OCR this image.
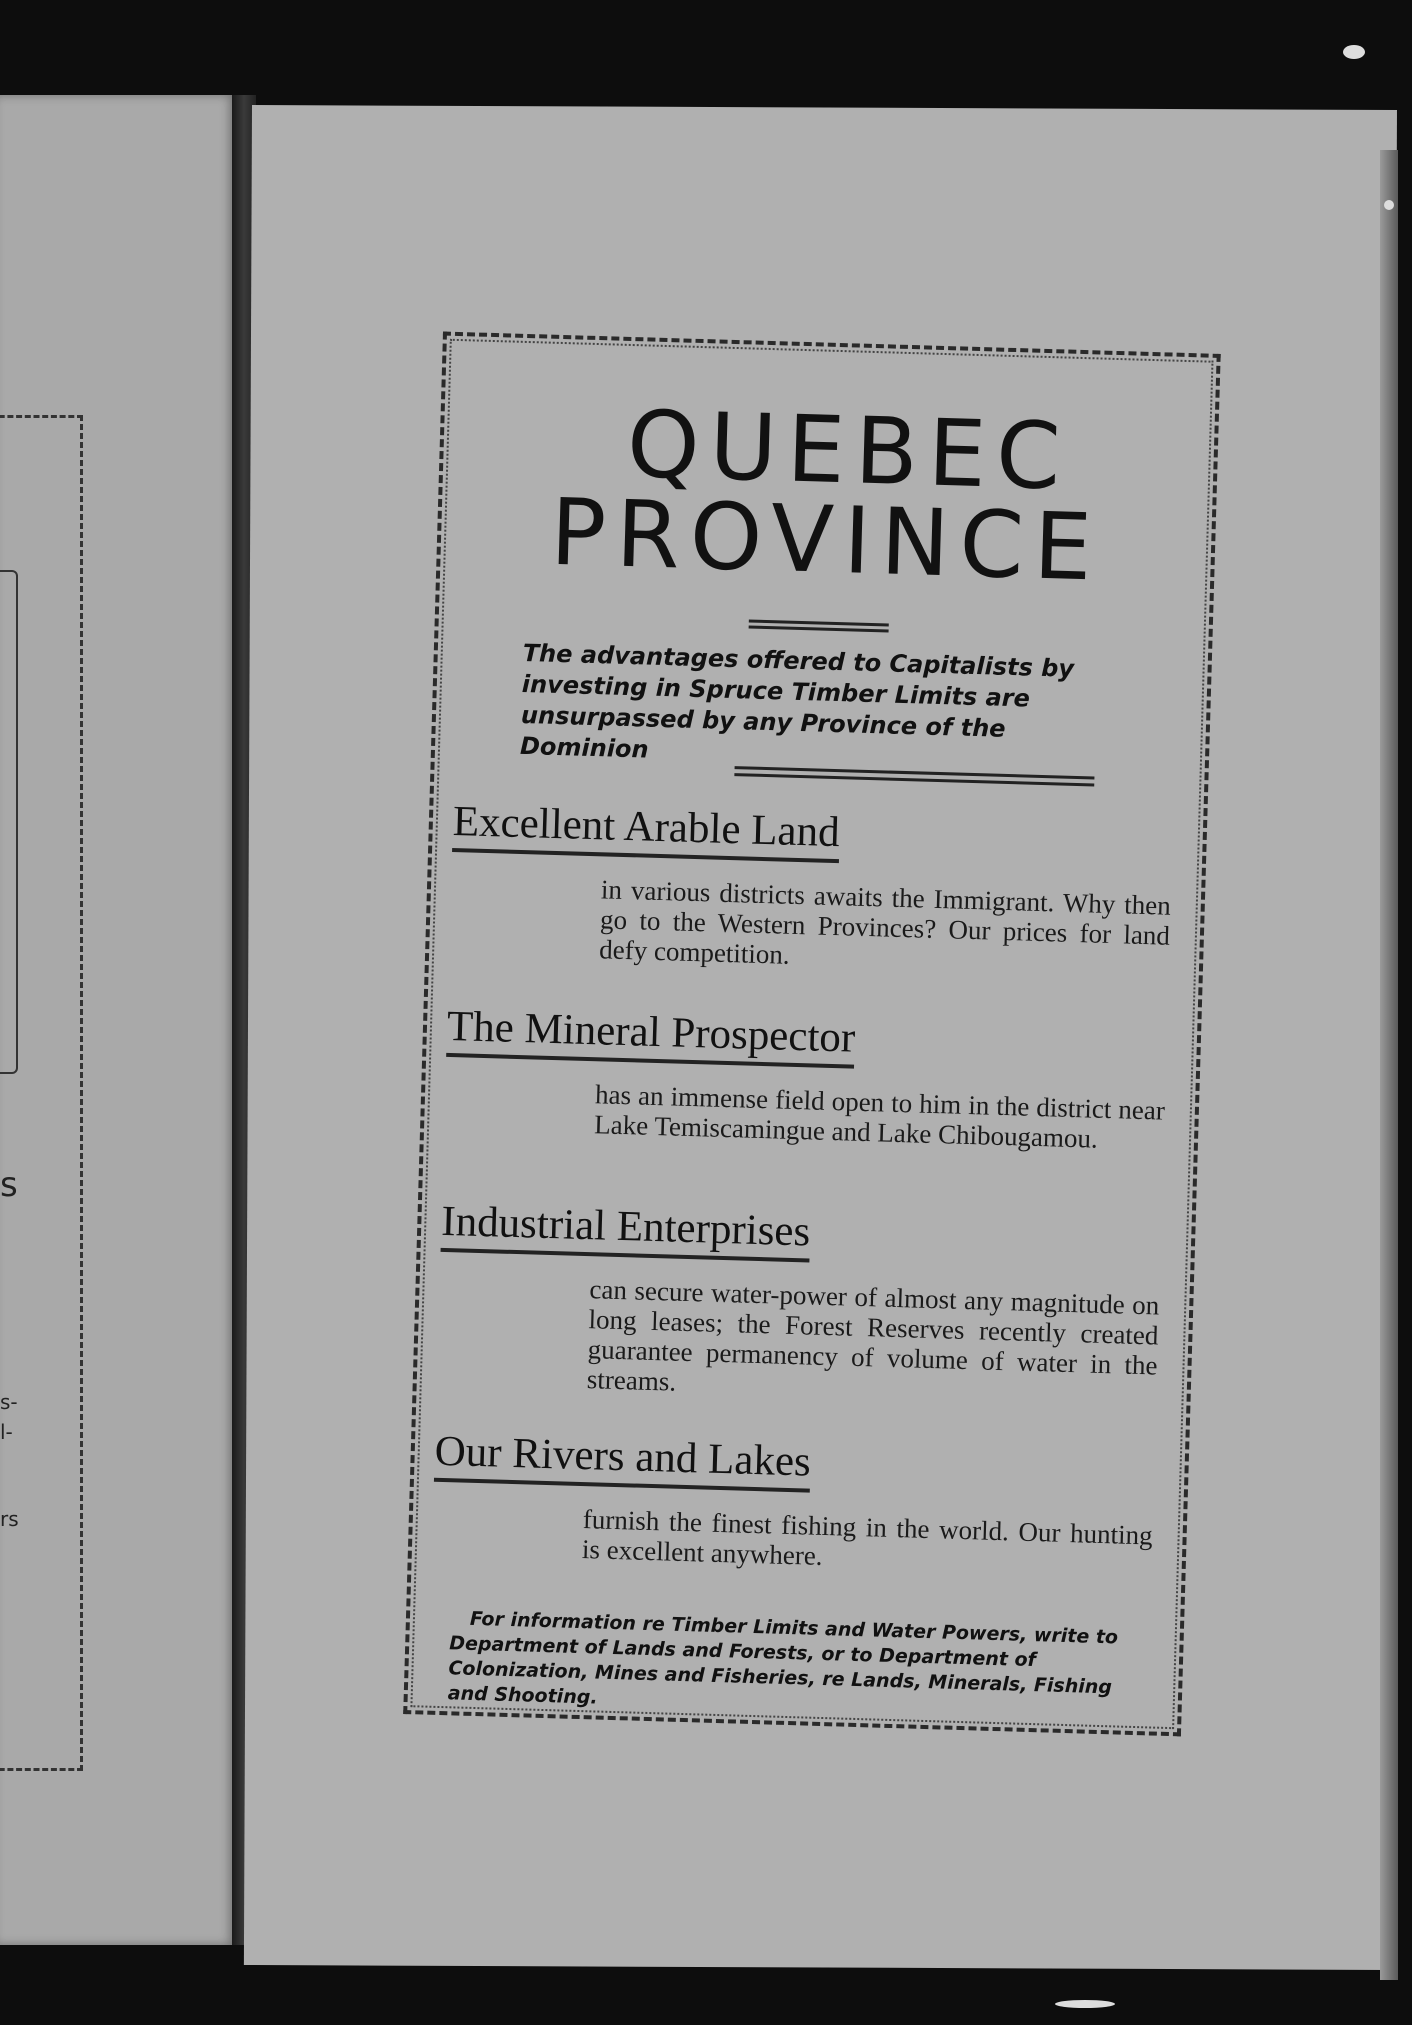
s
s-
l-
rs
QUEBEC
PROVINCE
The advantages offered to Capitalists by investing in Spruce Timber Limits are unsurpassed by any Province of the Dominion
Excellent Arable Land

in various districts awaits the Immigrant. Why then go to the Western Provinces? Our prices for land defy competition.

The Mineral Prospector

has an immense field open to him in the district near Lake Temiscamingue and Lake Chibougamou.

Industrial Enterprises

can secure water-power of almost any magnitude on long leases; the Forest Reserves recently created guarantee permanency of volume of water in the streams.

Our Rivers and Lakes

furnish the finest fishing in the world. Our hunting is excellent anywhere.

For information re Timber Limits and Water Powers, write to Department of Lands and Forests, or to Department of Colonization, Mines and Fisheries, re Lands, Minerals, Fishing and Shooting.
